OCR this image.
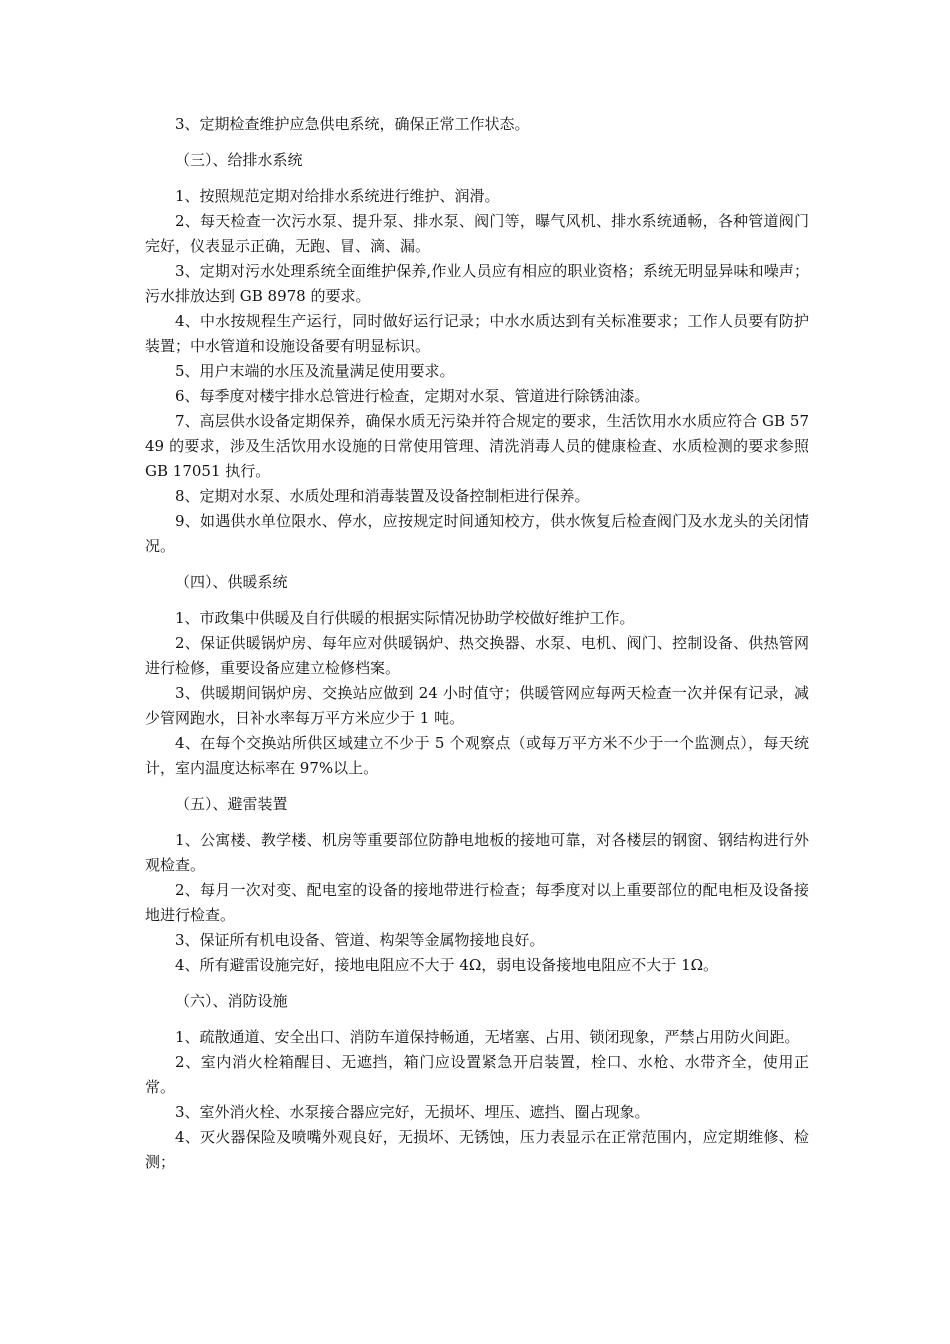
3、定期检查维护应急供电系统，确保正常工作状态。

（三）、给排水系统

1、按照规范定期对给排水系统进行维护、润滑。

2、每天检查一次污水泵、提升泵、排水泵、阀门等，曝气风机、排水系统通畅，各种管道阀门完好，仪表显示正确，无跑、冒、滴、漏。

3、定期对污水处理系统全面维护保养,作业人员应有相应的职业资格；系统无明显异味和噪声；污水排放达到 GB 8978 的要求。

4、中水按规程生产运行，同时做好运行记录；中水水质达到有关标准要求；工作人员要有防护装置；中水管道和设施设备要有明显标识。

5、用户末端的水压及流量满足使用要求。

6、每季度对楼宇排水总管进行检查，定期对水泵、管道进行除锈油漆。

7、高层供水设备定期保养，确保水质无污染并符合规定的要求，生活饮用水水质应符合 GB 5749 的要求，涉及生活饮用水设施的日常使用管理、清洗消毒人员的健康检查、水质检测的要求参照 GB 17051 执行。

8、定期对水泵、水质处理和消毒装置及设备控制柜进行保养。

9、如遇供水单位限水、停水，应按规定时间通知校方，供水恢复后检查阀门及水龙头的关闭情况。

（四）、供暖系统

1、市政集中供暖及自行供暖的根据实际情况协助学校做好维护工作。

2、保证供暖锅炉房、每年应对供暖锅炉、热交换器、水泵、电机、阀门、控制设备、供热管网进行检修，重要设备应建立检修档案。

3、供暖期间锅炉房、交换站应做到 24 小时值守；供暖管网应每两天检查一次并保有记录，减少管网跑水，日补水率每万平方米应少于 1 吨。

4、在每个交换站所供区域建立不少于 5 个观察点（或每万平方米不少于一个监测点），每天统计，室内温度达标率在 97%以上。

（五）、避雷装置

1、公寓楼、教学楼、机房等重要部位防静电地板的接地可靠，对各楼层的钢窗、钢结构进行外观检查。

2、每月一次对变、配电室的设备的接地带进行检查；每季度对以上重要部位的配电柜及设备接地进行检查。

3、保证所有机电设备、管道、构架等金属物接地良好。

4、所有避雷设施完好，接地电阻应不大于 4Ω，弱电设备接地电阻应不大于 1Ω。

（六）、消防设施

1、疏散通道、安全出口、消防车道保持畅通，无堵塞、占用、锁闭现象，严禁占用防火间距。

2、室内消火栓箱醒目、无遮挡，箱门应设置紧急开启装置，栓口、水枪、水带齐全，使用正常。

3、室外消火栓、水泵接合器应完好，无损坏、埋压、遮挡、圈占现象。

4、灭火器保险及喷嘴外观良好，无损坏、无锈蚀，压力表显示在正常范围内，应定期维修、检测；
